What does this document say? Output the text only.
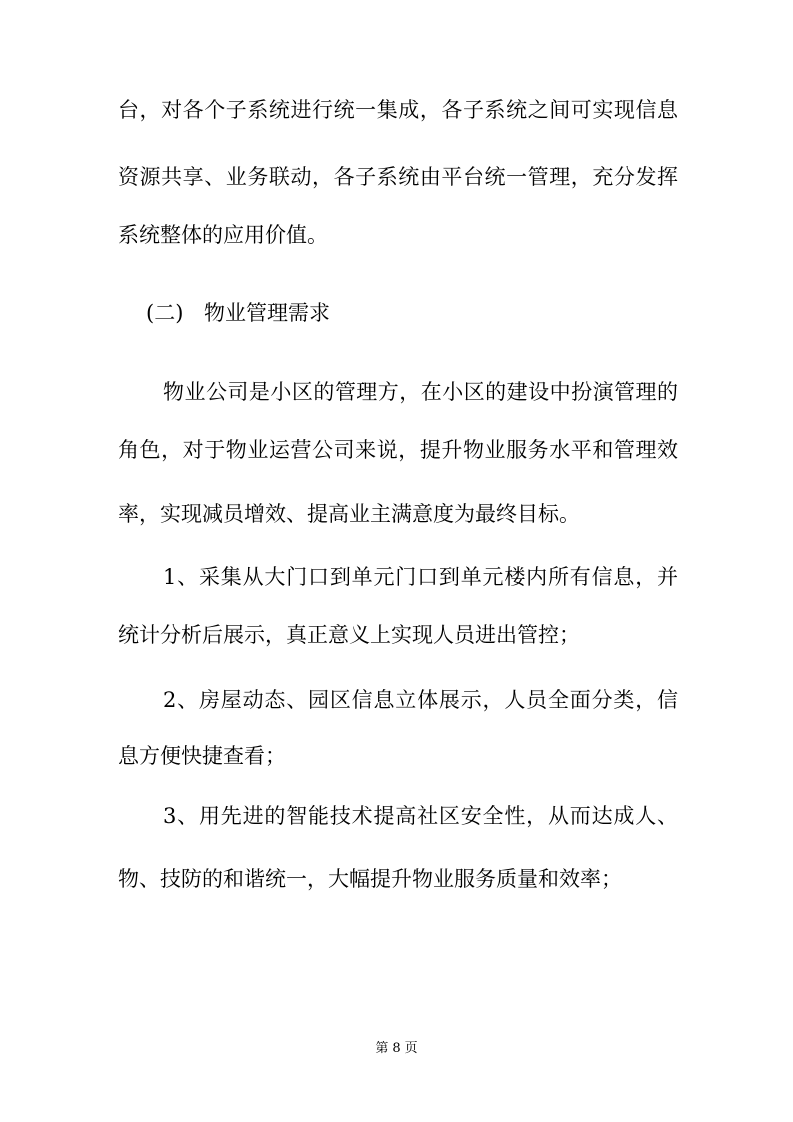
台，对各个子系统进行统一集成，各子系统之间可实现信息
资源共享、业务联动，各子系统由平台统一管理，充分发挥
系统整体的应用价值。
(二) 物业管理需求
物业公司是小区的管理方，在小区的建设中扮演管理的
角色，对于物业运营公司来说，提升物业服务水平和管理效
率，实现减员增效、提高业主满意度为最终目标。
1、采集从大门口到单元门口到单元楼内所有信息，并
统计分析后展示，真正意义上实现人员进出管控；
2、房屋动态、园区信息立体展示，人员全面分类，信
息方便快捷查看；
3、用先进的智能技术提高社区安全性，从而达成人、
物、技防的和谐统一，大幅提升物业服务质量和效率；
第 8 页
